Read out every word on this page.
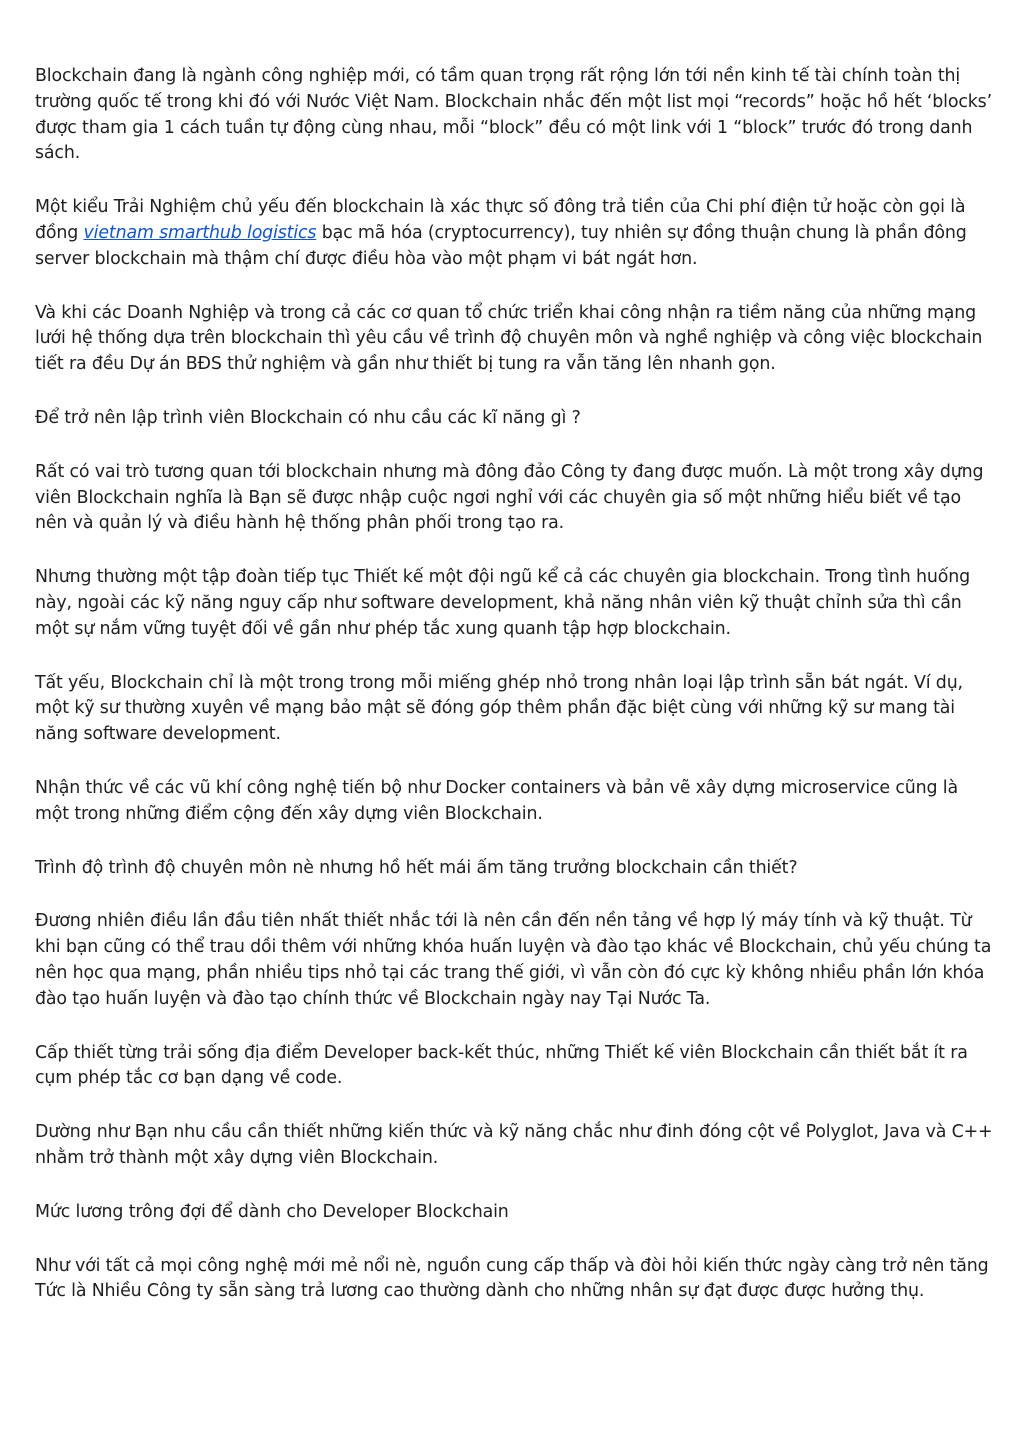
Blockchain đang là ngành công nghiệp mới, có tầm quan trọng rất rộng lớn tới nền kinh tế tài chính toàn thị trường quốc tế trong khi đó với Nước Việt Nam. Blockchain nhắc đến một list mọi “records” hoặc hồ hết ‘blocks’ được tham gia 1 cách tuần tự động cùng nhau, mỗi “block” đều có một link với 1 “block” trước đó trong danh sách.

Một kiểu Trải Nghiệm chủ yếu đến blockchain là xác thực số đông trả tiền của Chi phí điện tử hoặc còn gọi là đồng vietnam smarthub logistics bạc mã hóa (cryptocurrency), tuy nhiên sự đồng thuận chung là phần đông server blockchain mà thậm chí được điều hòa vào một phạm vi bát ngát hơn.

Và khi các Doanh Nghiệp và trong cả các cơ quan tổ chức triển khai công nhận ra tiềm năng của những mạng lưới hệ thống dựa trên blockchain thì yêu cầu về trình độ chuyên môn và nghề nghiệp và công việc blockchain tiết ra đều Dự án BĐS thử nghiệm và gần như thiết bị tung ra vẫn tăng lên nhanh gọn.

Để trở nên lập trình viên Blockchain có nhu cầu các kĩ năng gì ?

Rất có vai trò tương quan tới blockchain nhưng mà đông đảo Công ty đang được muốn. Là một trong xây dựng viên Blockchain nghĩa là Bạn sẽ được nhập cuộc ngơi nghỉ với các chuyên gia số một những hiểu biết về tạo nên và quản lý và điều hành hệ thống phân phối trong tạo ra.

Nhưng thường một tập đoàn tiếp tục Thiết kế một đội ngũ kể cả các chuyên gia blockchain. Trong tình huống này, ngoài các kỹ năng nguy cấp như software development, khả năng nhân viên kỹ thuật chỉnh sửa thì cần một sự nắm vững tuyệt đối về gần như phép tắc xung quanh tập hợp blockchain.

Tất yếu, Blockchain chỉ là một trong trong mỗi miếng ghép nhỏ trong nhân loại lập trình sẵn bát ngát. Ví dụ, một kỹ sư thường xuyên về mạng bảo mật sẽ đóng góp thêm phần đặc biệt cùng với những kỹ sư mang tài năng software development.

Nhận thức về các vũ khí công nghệ tiến bộ như Docker containers và bản vẽ xây dựng microservice cũng là một trong những điểm cộng đến xây dựng viên Blockchain.

Trình độ trình độ chuyên môn nè nhưng hồ hết mái ấm tăng trưởng blockchain cần thiết?

Đương nhiên điều lần đầu tiên nhất thiết nhắc tới là nên cần đến nền tảng về hợp lý máy tính và kỹ thuật. Từ khi bạn cũng có thể trau dồi thêm với những khóa huấn luyện và đào tạo khác về Blockchain, chủ yếu chúng ta nên học qua mạng, phần nhiều tips nhỏ tại các trang thế giới, vì vẫn còn đó cực kỳ không nhiều phần lớn khóa đào tạo huấn luyện và đào tạo chính thức về Blockchain ngày nay Tại Nước Ta.

Cấp thiết từng trải sống địa điểm Developer back-kết thúc, những Thiết kế viên Blockchain cần thiết bắt ít ra cụm phép tắc cơ bạn dạng về code.

Dường như Bạn nhu cầu cần thiết những kiến thức và kỹ năng chắc như đinh đóng cột về Polyglot, Java và C++ nhằm trở thành một xây dựng viên Blockchain.

Mức lương trông đợi để dành cho Developer Blockchain

Như với tất cả mọi công nghệ mới mẻ nổi nè, nguồn cung cấp thấp và đòi hỏi kiến thức ngày càng trở nên tăng Tức là Nhiều Công ty sẵn sàng trả lương cao thường dành cho những nhân sự đạt được được hưởng thụ.
